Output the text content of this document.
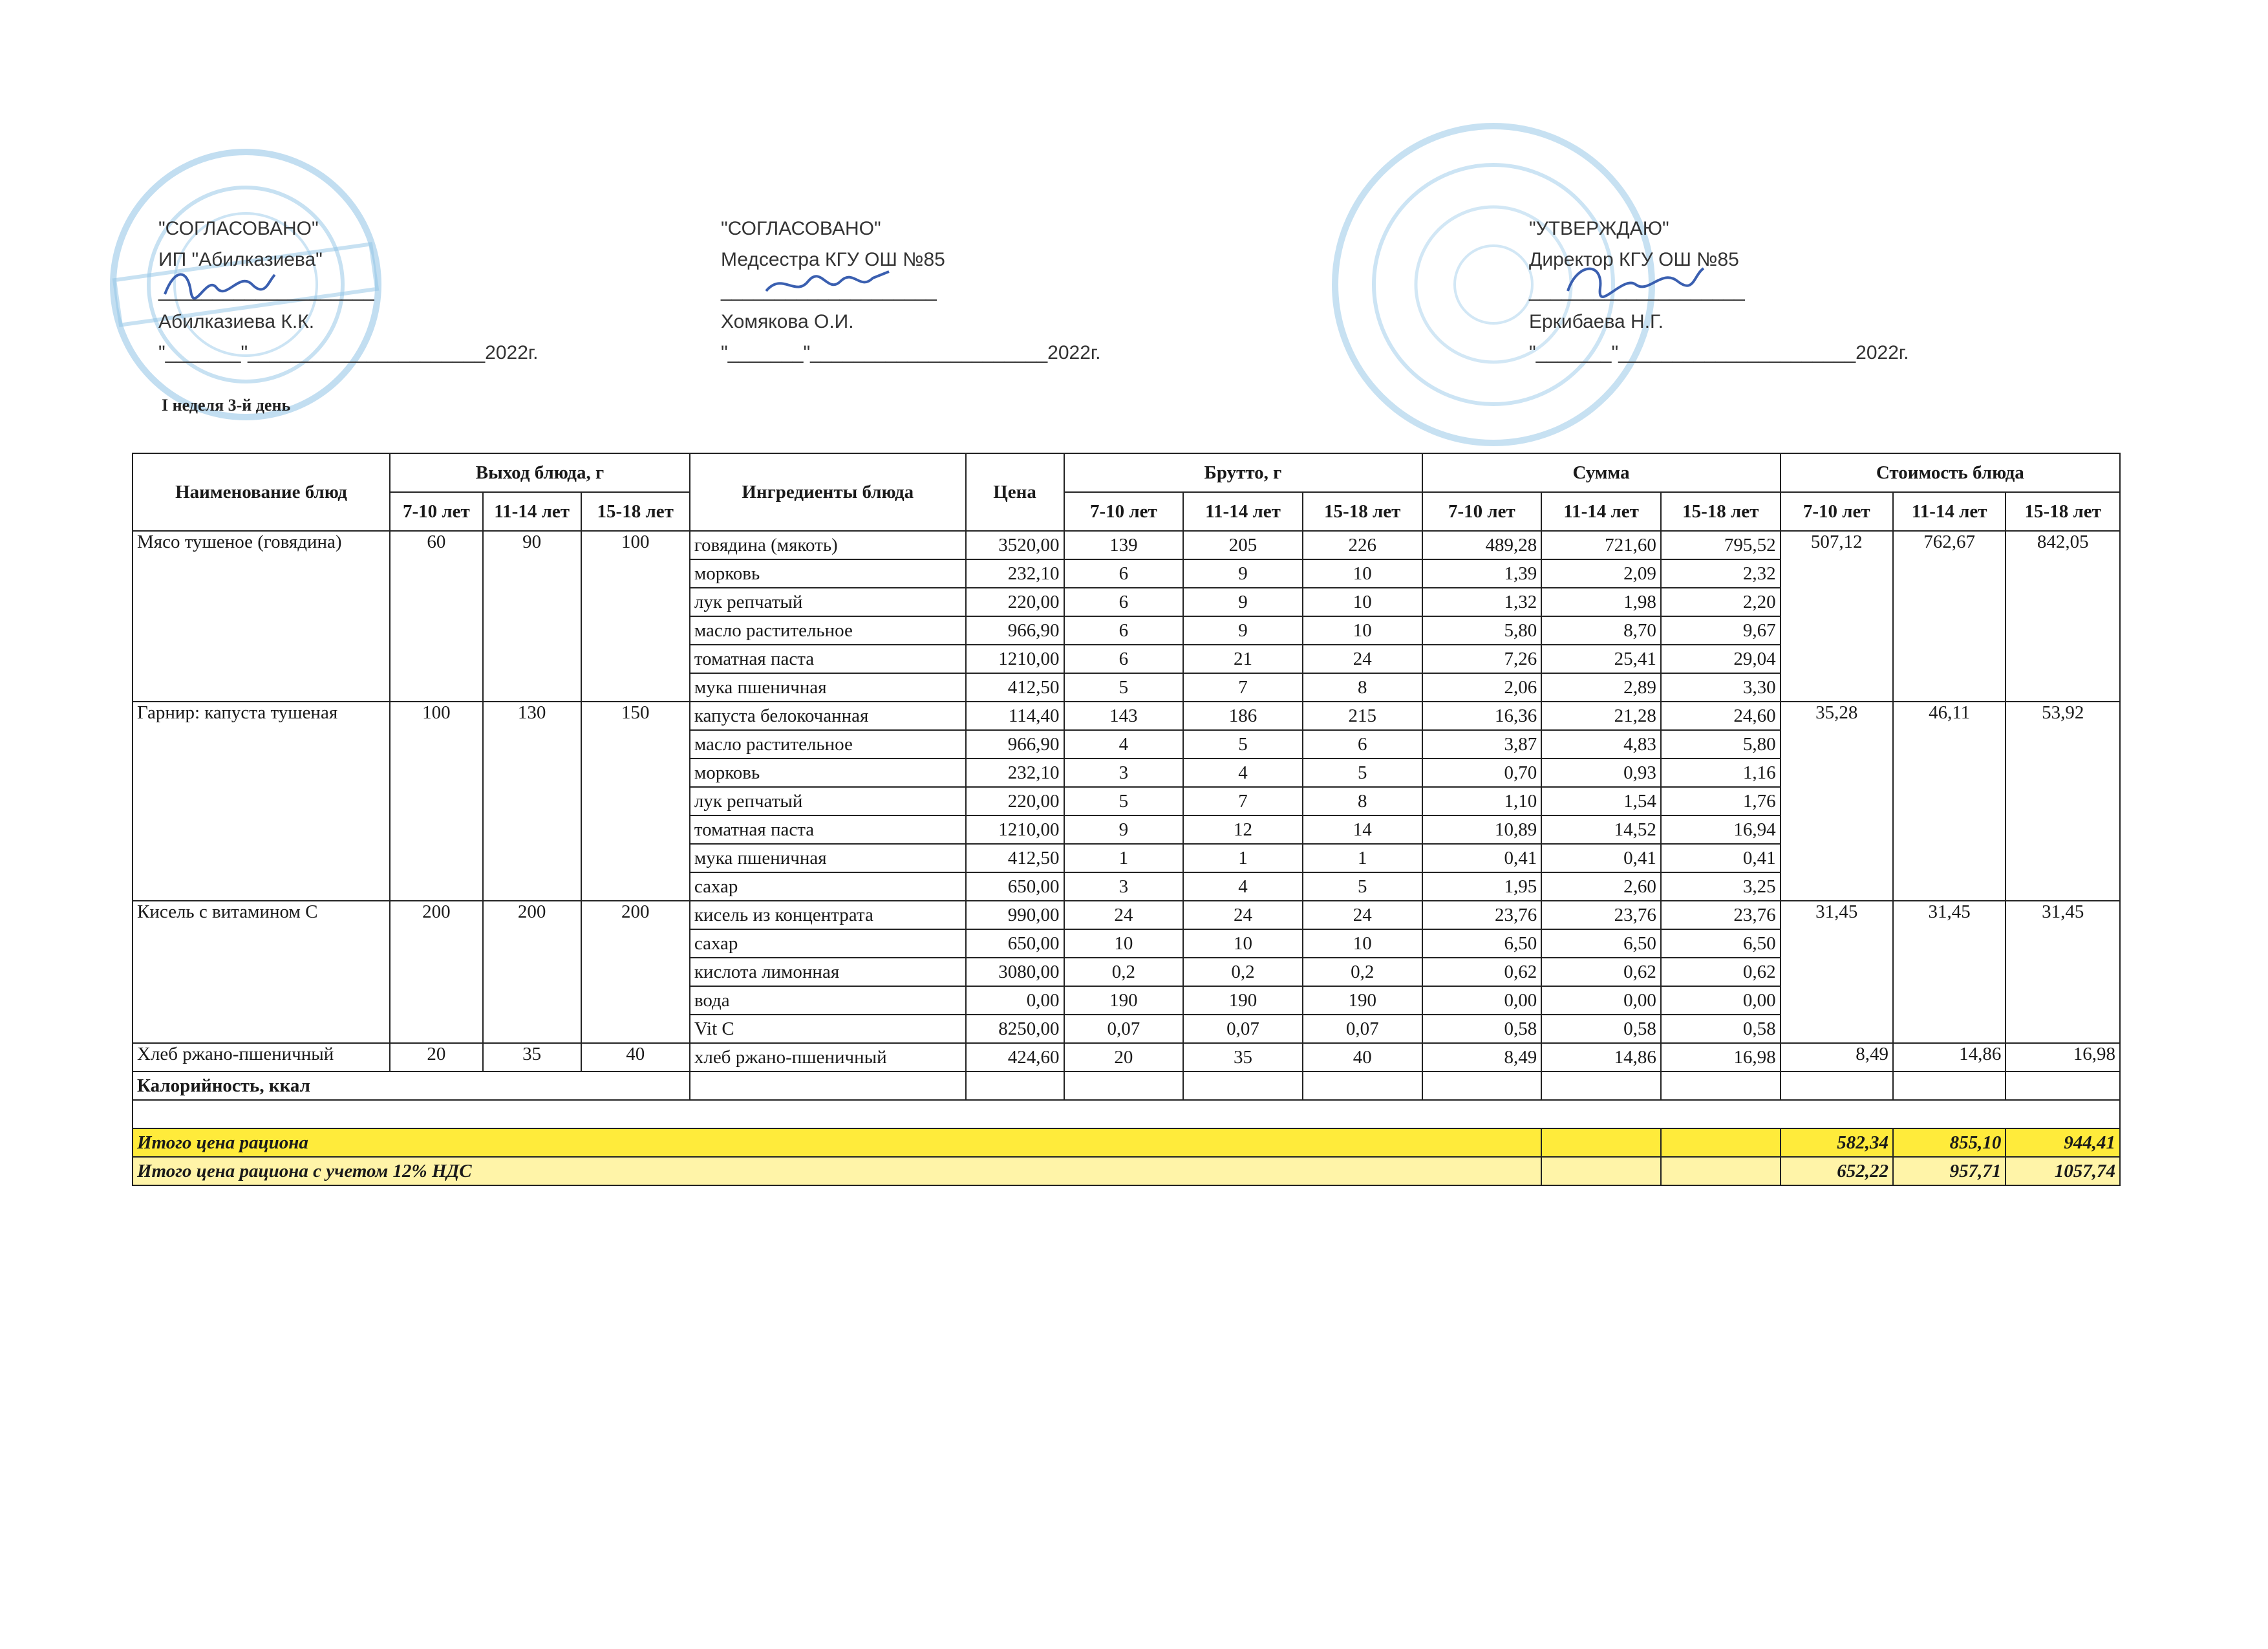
"СОГЛАСОВАНО"
ИП "Абилказиева"
____________________
Абилказиева К.К.
"_______"______________________2022г.
"СОГЛАСОВАНО"
Медсестра КГУ ОШ №85
____________________
Хомякова О.И.
"_______"______________________2022г.
"УТВЕРЖДАЮ"
Директор КГУ ОШ №85
____________________
Еркибаева Н.Г.
"_______"______________________2022г.
I неделя 3-й день
Наименование блюд	Выход блюда, г			Ингредиенты блюда	Цена	Брутто, г			Сумма			Стоимость блюда		
	7-10 лет	11-14 лет	15-18 лет			7-10 лет	11-14 лет	15-18 лет	7-10 лет	11-14 лет	15-18 лет	7-10 лет	11-14 лет	15-18 лет
Мясо тушеное (говядина)	60	90	100	говядина (мякоть)	3520,00	139	205	226	489,28	721,60	795,52	507,12	762,67	842,05
				морковь	232,10	6	9	10	1,39	2,09	2,32			
				лук репчатый	220,00	6	9	10	1,32	1,98	2,20			
				масло растительное	966,90	6	9	10	5,80	8,70	9,67			
				томатная паста	1210,00	6	21	24	7,26	25,41	29,04			
				мука пшеничная	412,50	5	7	8	2,06	2,89	3,30			
Гарнир: капуста тушеная	100	130	150	капуста белокочанная	114,40	143	186	215	16,36	21,28	24,60	35,28	46,11	53,92
				масло растительное	966,90	4	5	6	3,87	4,83	5,80			
				морковь	232,10	3	4	5	0,70	0,93	1,16			
				лук репчатый	220,00	5	7	8	1,10	1,54	1,76			
				томатная паста	1210,00	9	12	14	10,89	14,52	16,94			
				мука пшеничная	412,50	1	1	1	0,41	0,41	0,41			
				сахар	650,00	3	4	5	1,95	2,60	3,25			
Кисель с витамином С	200	200	200	кисель из концентрата	990,00	24	24	24	23,76	23,76	23,76	31,45	31,45	31,45
				сахар	650,00	10	10	10	6,50	6,50	6,50			
				кислота лимонная	3080,00	0,2	0,2	0,2	0,62	0,62	0,62			
				вода	0,00	190	190	190	0,00	0,00	0,00			
				Vit C	8250,00	0,07	0,07	0,07	0,58	0,58	0,58			
Хлеб ржано-пшеничный	20	35	40	хлеб ржано-пшеничный	424,60	20	35	40	8,49	14,86	16,98	8,49	14,86	16,98
Калорийность, ккал														

Итого цена рациона												582,34	855,10	944,41
Итого цена рациона с учетом 12% НДС												652,22	957,71	1057,74
